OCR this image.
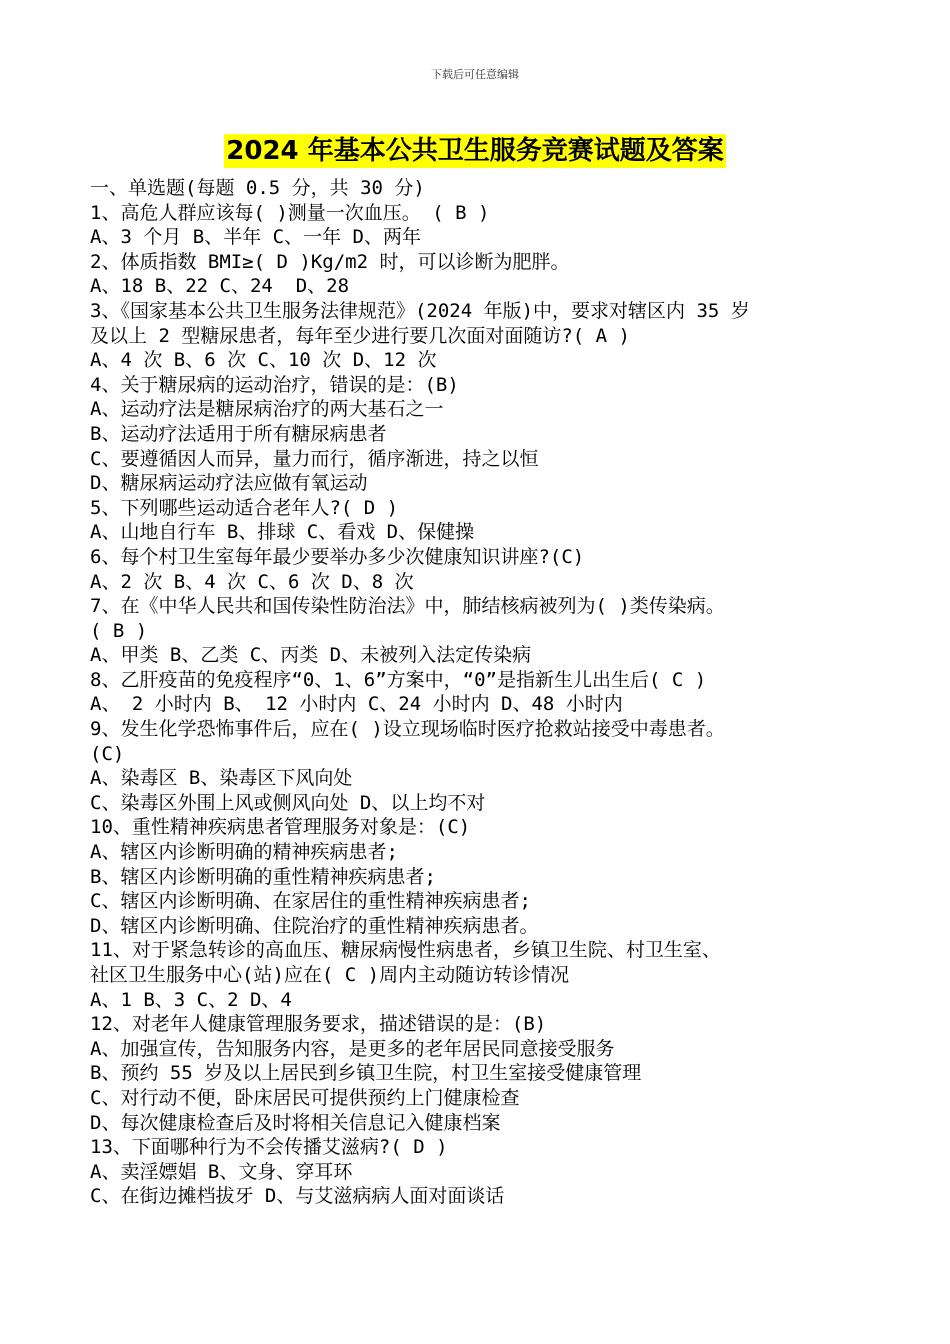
下载后可任意编辑
2024 年基本公共卫生服务竞赛试题及答案
一、单选题(每题 0.5 分，共 30 分)
1、高危人群应该每( )测量一次血压。 ( B )
A、3 个月 B、半年 C、一年 D、两年
2、体质指数 BMI≥( D )Kg/m2 时，可以诊断为肥胖。
A、18 B、22 C、24  D、28
3、《国家基本公共卫生服务法律规范》(2024 年版)中，要求对辖区内 35 岁
及以上 2 型糖尿患者，每年至少进行要几次面对面随访?( A )
A、4 次 B、6 次 C、10 次 D、12 次
4、关于糖尿病的运动治疗，错误的是：(B)
A、运动疗法是糖尿病治疗的两大基石之一
B、运动疗法适用于所有糖尿病患者
C、要遵循因人而异，量力而行，循序渐进，持之以恒
D、糖尿病运动疗法应做有氧运动
5、下列哪些运动适合老年人?( D )
A、山地自行车 B、排球 C、看戏 D、保健操
6、每个村卫生室每年最少要举办多少次健康知识讲座?(C)
A、2 次 B、4 次 C、6 次 D、8 次
7、在《中华人民共和国传染性防治法》中，肺结核病被列为( )类传染病。
( B )
A、甲类 B、乙类 C、丙类 D、未被列入法定传染病
8、乙肝疫苗的免疫程序“0、1、6”方案中，“0”是指新生儿出生后( C )
A、 2 小时内 B、 12 小时内 C、24 小时内 D、48 小时内
9、发生化学恐怖事件后，应在( )设立现场临时医疗抢救站接受中毒患者。
(C)
A、染毒区 B、染毒区下风向处
C、染毒区外围上风或侧风向处 D、以上均不对
10、重性精神疾病患者管理服务对象是：(C)
A、辖区内诊断明确的精神疾病患者;
B、辖区内诊断明确的重性精神疾病患者;
C、辖区内诊断明确、在家居住的重性精神疾病患者;
D、辖区内诊断明确、住院治疗的重性精神疾病患者。
11、对于紧急转诊的高血压、糖尿病慢性病患者，乡镇卫生院、村卫生室、
社区卫生服务中心(站)应在( C )周内主动随访转诊情况
A、1 B、3 C、2 D、4
12、对老年人健康管理服务要求，描述错误的是：(B)
A、加强宣传，告知服务内容，是更多的老年居民同意接受服务
B、预约 55 岁及以上居民到乡镇卫生院，村卫生室接受健康管理
C、对行动不便，卧床居民可提供预约上门健康检查
D、每次健康检查后及时将相关信息记入健康档案
13、下面哪种行为不会传播艾滋病?( D )
A、卖淫嫖娼 B、文身、穿耳环
C、在街边摊档拔牙 D、与艾滋病病人面对面谈话
